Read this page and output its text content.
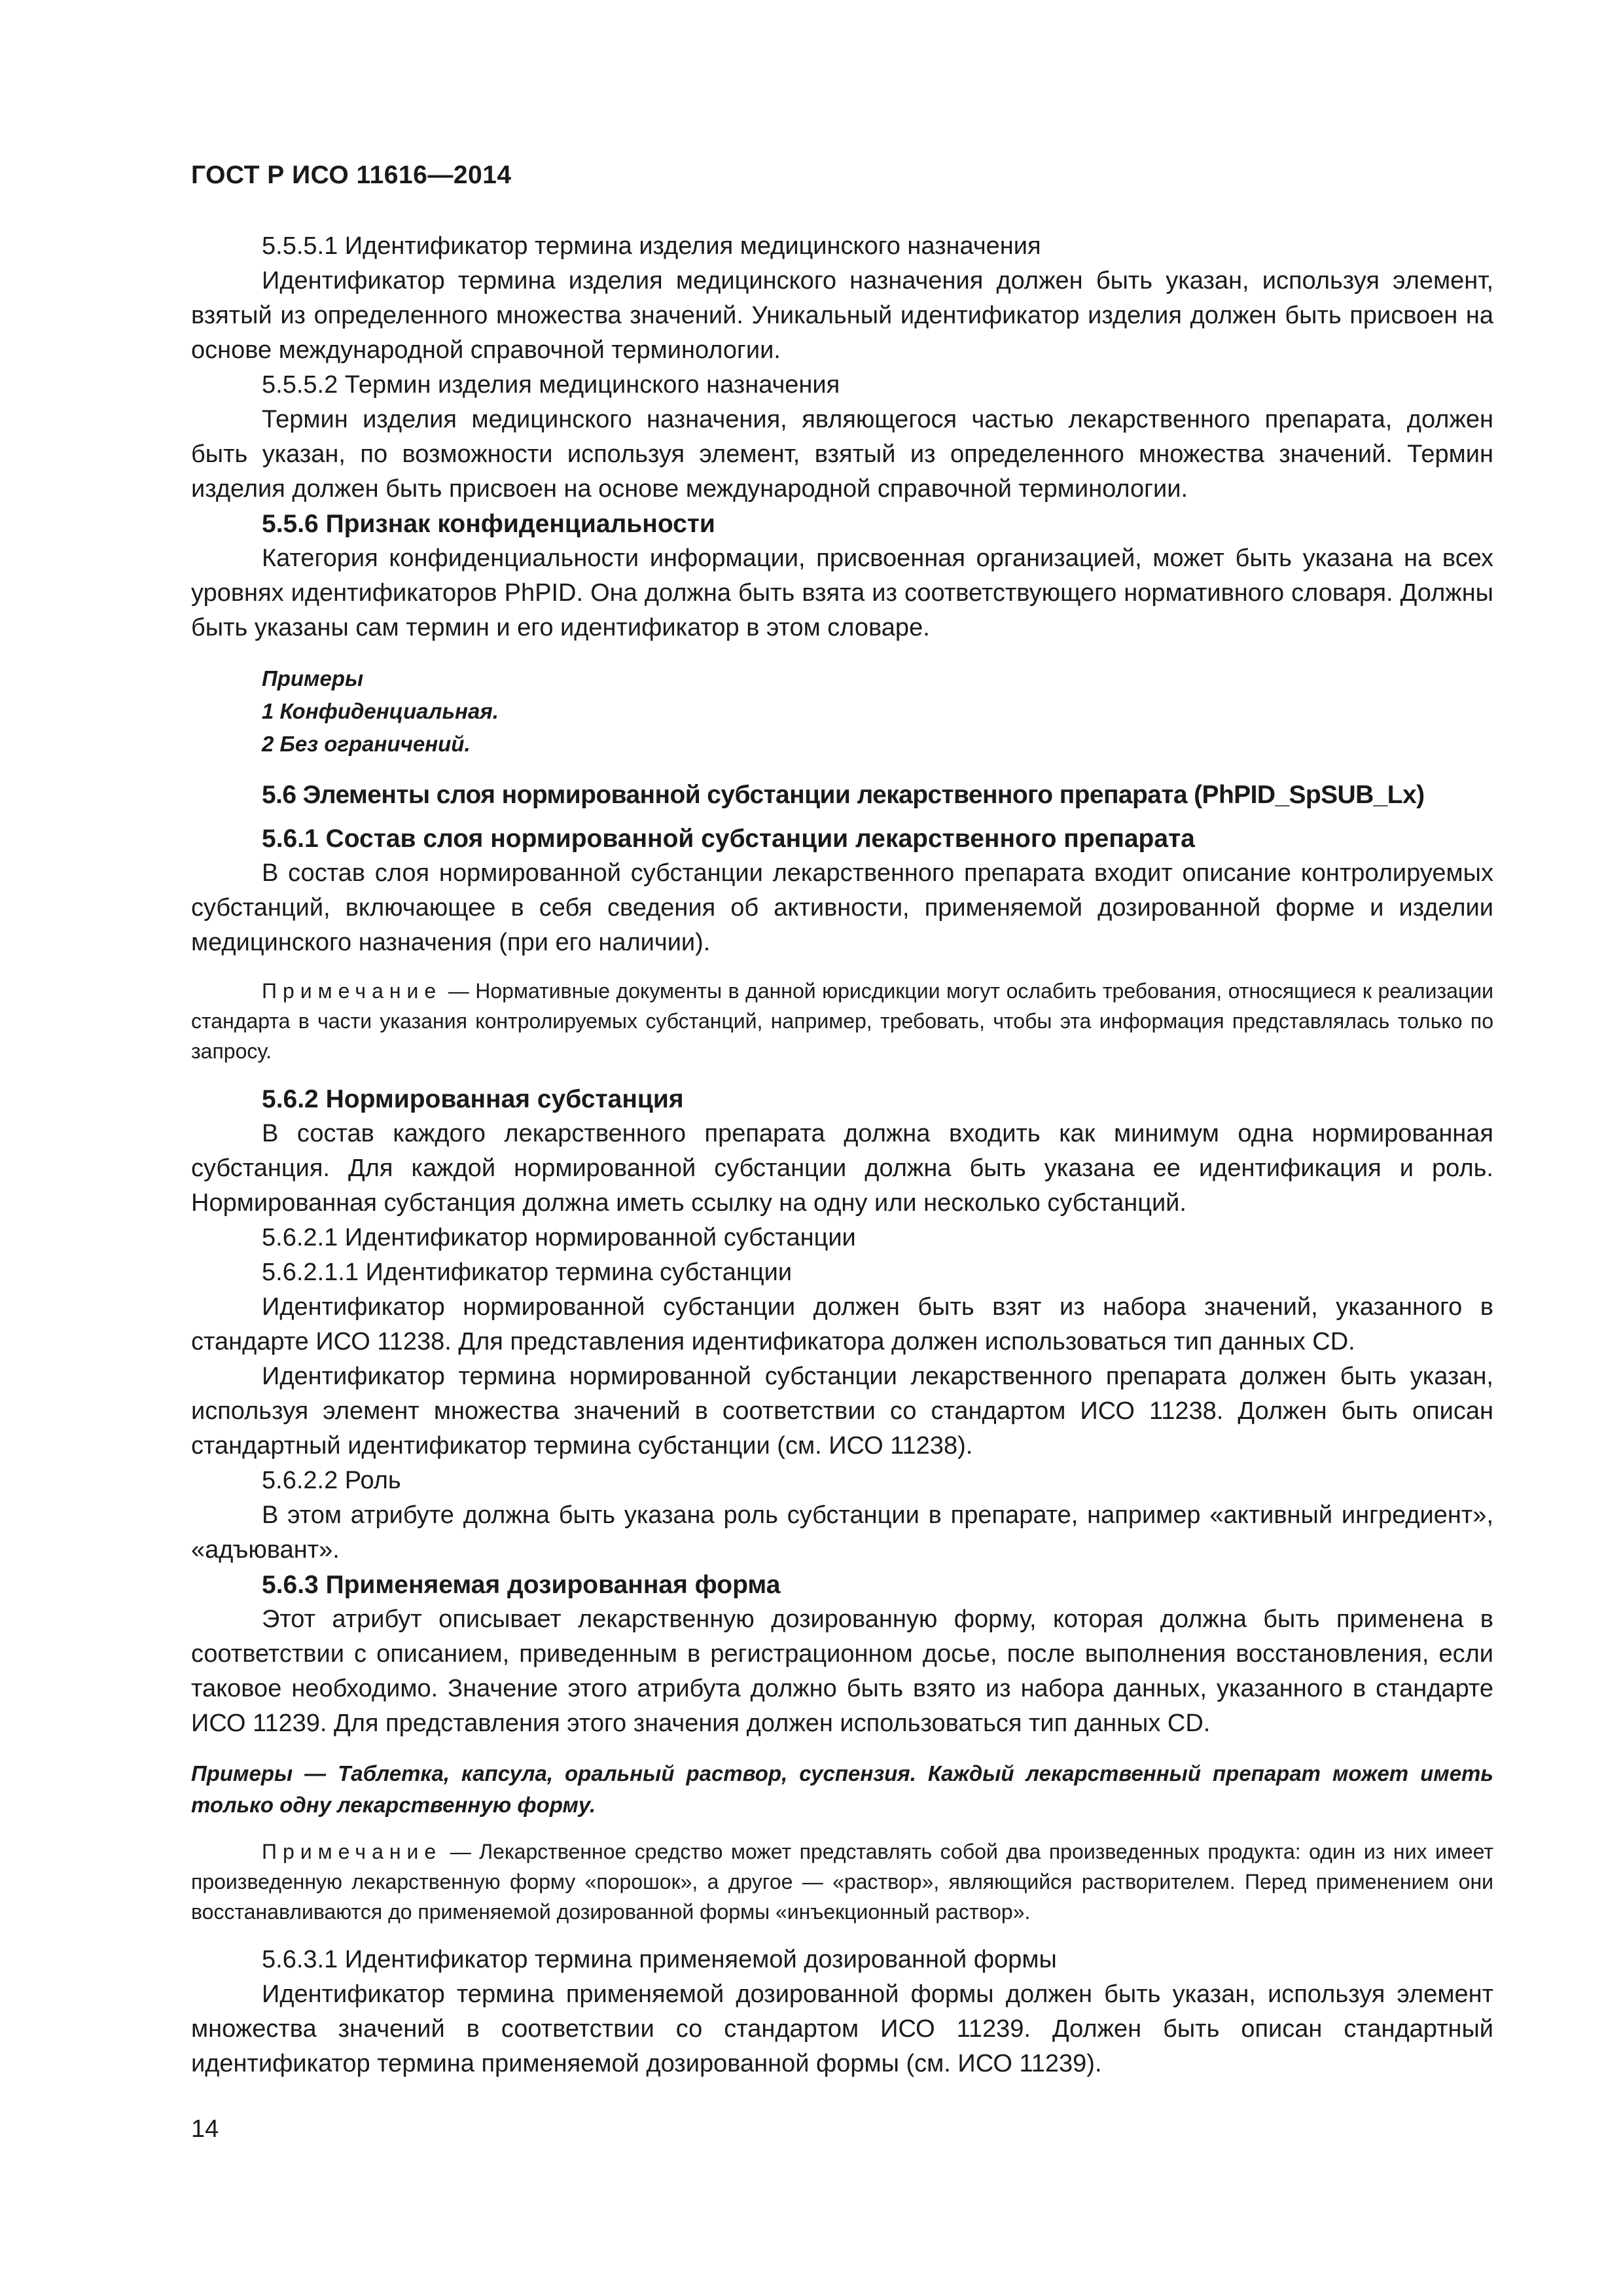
ГОСТ Р ИСО 11616—2014

5.5.5.1 Идентификатор термина изделия медицинского назначения

Идентификатор термина изделия медицинского назначения должен быть указан, используя элемент, взятый из определенного множества значений. Уникальный идентификатор изделия должен быть присвоен на основе международной справочной терминологии.

5.5.5.2 Термин изделия медицинского назначения

Термин изделия медицинского назначения, являющегося частью лекарственного препарата, должен быть указан, по возможности используя элемент, взятый из определенного множества значений. Термин изделия должен быть присвоен на основе международной справочной терминологии.

5.5.6 Признак конфиденциальности

Категория конфиденциальности информации, присвоенная организацией, может быть указана на всех уровнях идентификаторов PhPID. Она должна быть взята из соответствующего нормативного словаря. Должны быть указаны сам термин и его идентификатор в этом словаре.

Примеры
1 Конфиденциальная.
2 Без ограничений.

5.6 Элементы слоя нормированной субстанции лекарственного препарата (PhPID_SpSUB_Lx)

5.6.1 Состав слоя нормированной субстанции лекарственного препарата

В состав слоя нормированной субстанции лекарственного препарата входит описание контролируемых субстанций, включающее в себя сведения об активности, применяемой дозированной форме и изделии медицинского назначения (при его наличии).

Примечание — Нормативные документы в данной юрисдикции могут ослабить требования, относящиеся к реализации стандарта в части указания контролируемых субстанций, например, требовать, чтобы эта информация представлялась только по запросу.

5.6.2 Нормированная субстанция

В состав каждого лекарственного препарата должна входить как минимум одна нормированная субстанция. Для каждой нормированной субстанции должна быть указана ее идентификация и роль. Нормированная субстанция должна иметь ссылку на одну или несколько субстанций.

5.6.2.1 Идентификатор нормированной субстанции

5.6.2.1.1 Идентификатор термина субстанции

Идентификатор нормированной субстанции должен быть взят из набора значений, указанного в стандарте ИСО 11238. Для представления идентификатора должен использоваться тип данных CD.

Идентификатор термина нормированной субстанции лекарственного препарата должен быть указан, используя элемент множества значений в соответствии со стандартом ИСО 11238. Должен быть описан стандартный идентификатор термина субстанции (см. ИСО 11238).

5.6.2.2 Роль

В этом атрибуте должна быть указана роль субстанции в препарате, например «активный ингредиент», «адъювант».

5.6.3 Применяемая дозированная форма

Этот атрибут описывает лекарственную дозированную форму, которая должна быть применена в соответствии с описанием, приведенным в регистрационном досье, после выполнения восстановления, если таковое необходимо. Значение этого атрибута должно быть взято из набора данных, указанного в стандарте ИСО 11239. Для представления этого значения должен использоваться тип данных CD.

Примеры — Таблетка, капсула, оральный раствор, суспензия. Каждый лекарственный препарат может иметь только одну лекарственную форму.

Примечание — Лекарственное средство может представлять собой два произведенных продукта: один из них имеет произведенную лекарственную форму «порошок», а другое — «раствор», являющийся растворителем. Перед применением они восстанавливаются до применяемой дозированной формы «инъекционный раствор».

5.6.3.1 Идентификатор термина применяемой дозированной формы

Идентификатор термина применяемой дозированной формы должен быть указан, используя элемент множества значений в соответствии со стандартом ИСО 11239. Должен быть описан стандартный идентификатор термина применяемой дозированной формы (см. ИСО 11239).

14
